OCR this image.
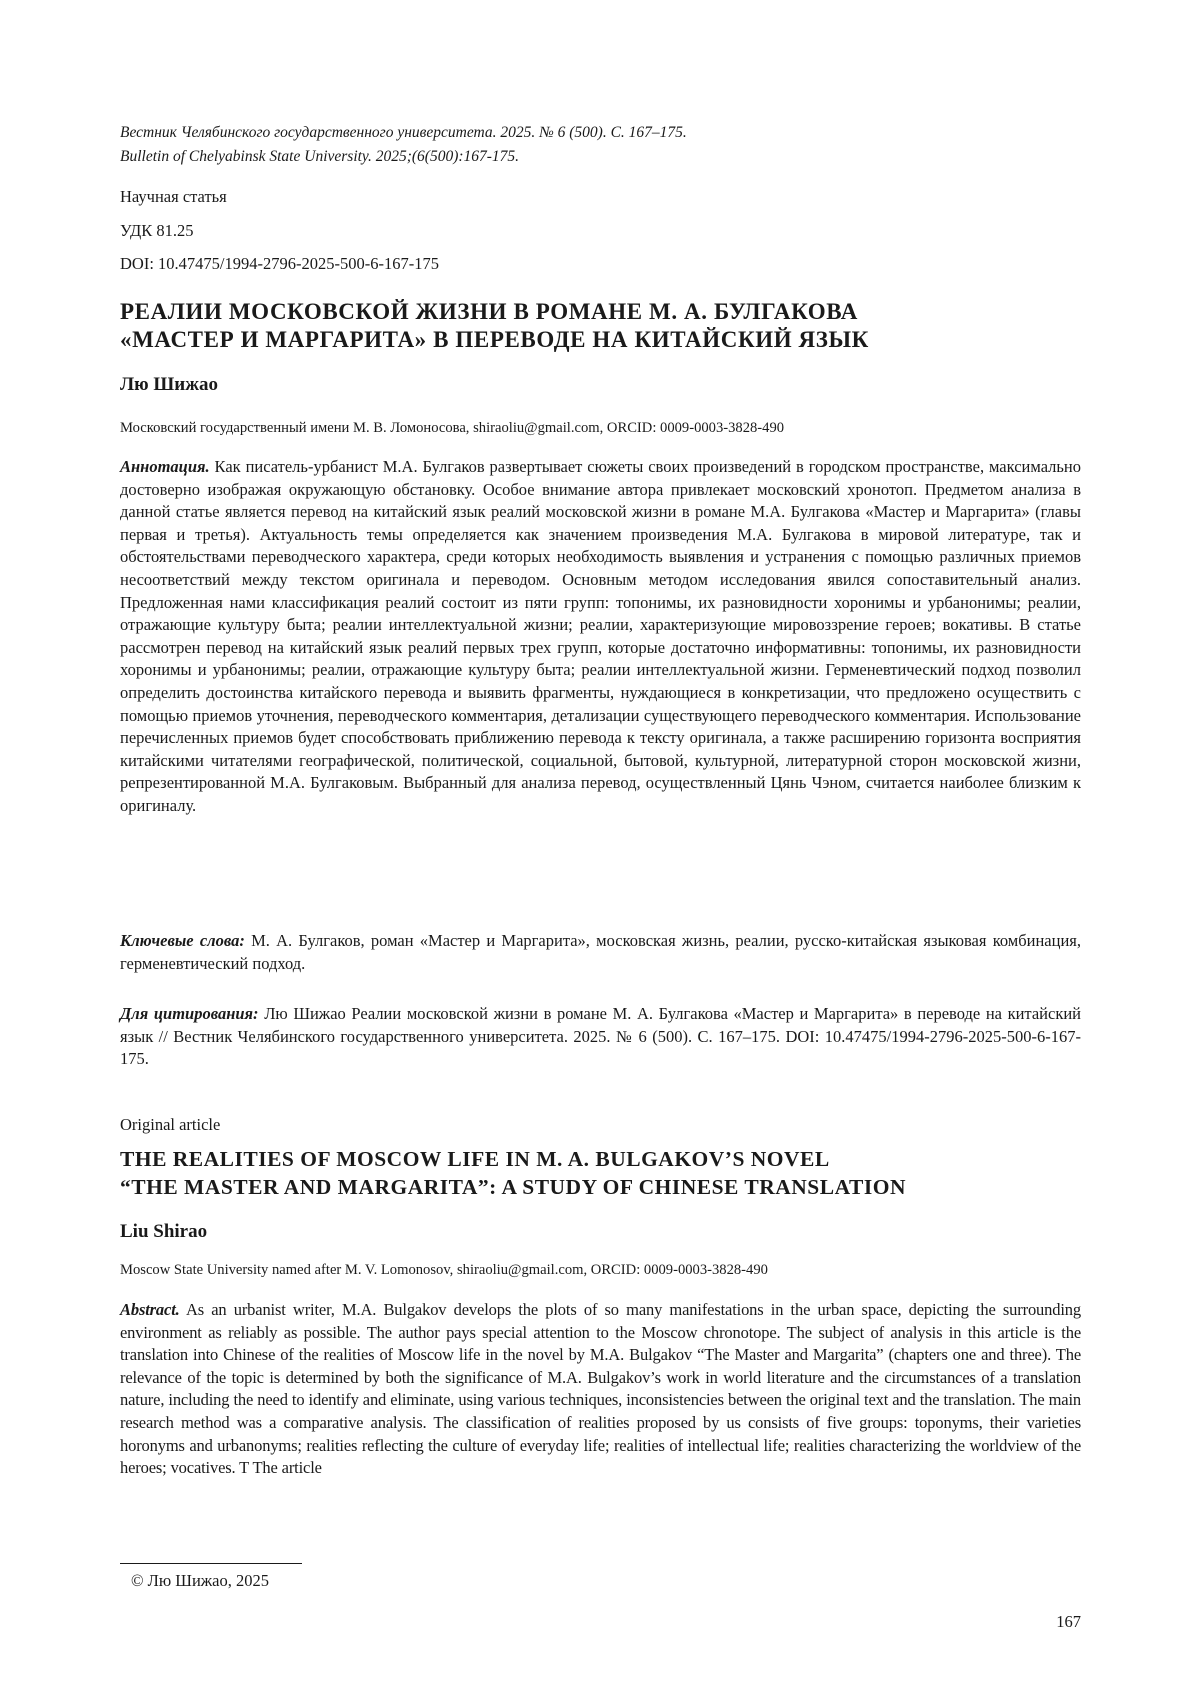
Вестник Челябинского государственного университета. 2025. № 6 (500). С. 167–175.
Bulletin of Chelyabinsk State University. 2025;(6(500):167-175.
Научная статья
УДК 81.25
DOI: 10.47475/1994-2796-2025-500-6-167-175
РЕАЛИИ МОСКОВСКОЙ ЖИЗНИ В РОМАНЕ М. А. БУЛГАКОВА
«МАСТЕР И МАРГАРИТА» В ПЕРЕВОДЕ НА КИТАЙСКИЙ ЯЗЫК
Лю Шижао
Московский государственный имени М. В. Ломоносова, shiraoliu@gmail.com, ORCID: 0009-0003-3828-490

Аннотация. Как писатель-урбанист М.А. Булгаков развертывает сюжеты своих произведений в городском пространстве, максимально достоверно изображая окружающую обстановку. Особое внимание автора привлекает московский хронотоп. Предметом анализа в данной статье является перевод на китайский язык реалий московской жизни в романе М.А. Булгакова «Мастер и Маргарита» (главы первая и третья). Актуальность темы определяется как значением произведения М.А. Булгакова в мировой литературе, так и обстоятельствами переводческого характера, среди которых необходимость выявления и устранения с помощью различных приемов несоответствий между текстом оригинала и переводом. Основным методом исследования явился сопоставительный анализ. Предложенная нами классификация реалий состоит из пяти групп: топонимы, их разновидности хоронимы и урбанонимы; реалии, отражающие культуру быта; реалии интеллектуальной жизни; реалии, характеризующие мировоззрение героев; вокативы. В статье рассмотрен перевод на китайский язык реалий первых трех групп, которые достаточно информативны: топонимы, их разновидности хоронимы и урбанонимы; реалии, отражающие культуру быта; реалии интеллектуальной жизни. Герменевтический подход позволил определить достоинства китайского перевода и выявить фрагменты, нуждающиеся в конкретизации, что предложено осуществить с помощью приемов уточнения, переводческого комментария, детализации существующего переводческого комментария. Использование перечисленных приемов будет способствовать приближению перевода к тексту оригинала, а также расширению горизонта восприятия китайскими читателями географической, политической, социальной, бытовой, культурной, литературной сторон московской жизни, репрезентированной М.А. Булгаковым. Выбранный для анализа перевод, осуществленный Цянь Чэном, считается наиболее близким к оригиналу.

Ключевые слова: М. А. Булгаков, роман «Мастер и Маргарита», московская жизнь, реалии, русско-китайская языковая комбинация, герменевтический подход.

Для цитирования: Лю Шижао Реалии московской жизни в романе М. А. Булгакова «Мастер и Маргарита» в переводе на китайский язык // Вестник Челябинского государственного университета. 2025. № 6 (500). С. 167–175. DOI: 10.47475/1994-2796-2025-500-6-167-175.

Original article
THE REALITIES OF MOSCOW LIFE IN M. A. BULGAKOV’S NOVEL
“THE MASTER AND MARGARITA”: A STUDY OF CHINESE TRANSLATION
Liu Shirao
Moscow State University named after M. V. Lomonosov, shiraoliu@gmail.com, ORCID: 0009-0003-3828-490

Abstract. As an urbanist writer, M.A. Bulgakov develops the plots of so many manifestations in the urban space, depicting the surrounding environment as reliably as possible. The author pays special attention to the Moscow chronotope. The subject of analysis in this article is the translation into Chinese of the realities of Moscow life in the novel by M.A. Bulgakov “The Master and Margarita” (chapters one and three). The relevance of the topic is determined by both the significance of M.A. Bulgakov’s work in world literature and the circumstances of a translation nature, including the need to identify and eliminate, using various techniques, inconsistencies between the original text and the translation. The main research method was a comparative analysis. The classification of realities proposed by us consists of five groups: toponyms, their varieties horonyms and urbanonyms; realities reflecting the culture of everyday life; realities of intellectual life; realities characterizing the worldview of the heroes; vocatives. T The article

© Лю Шижао, 2025
167
